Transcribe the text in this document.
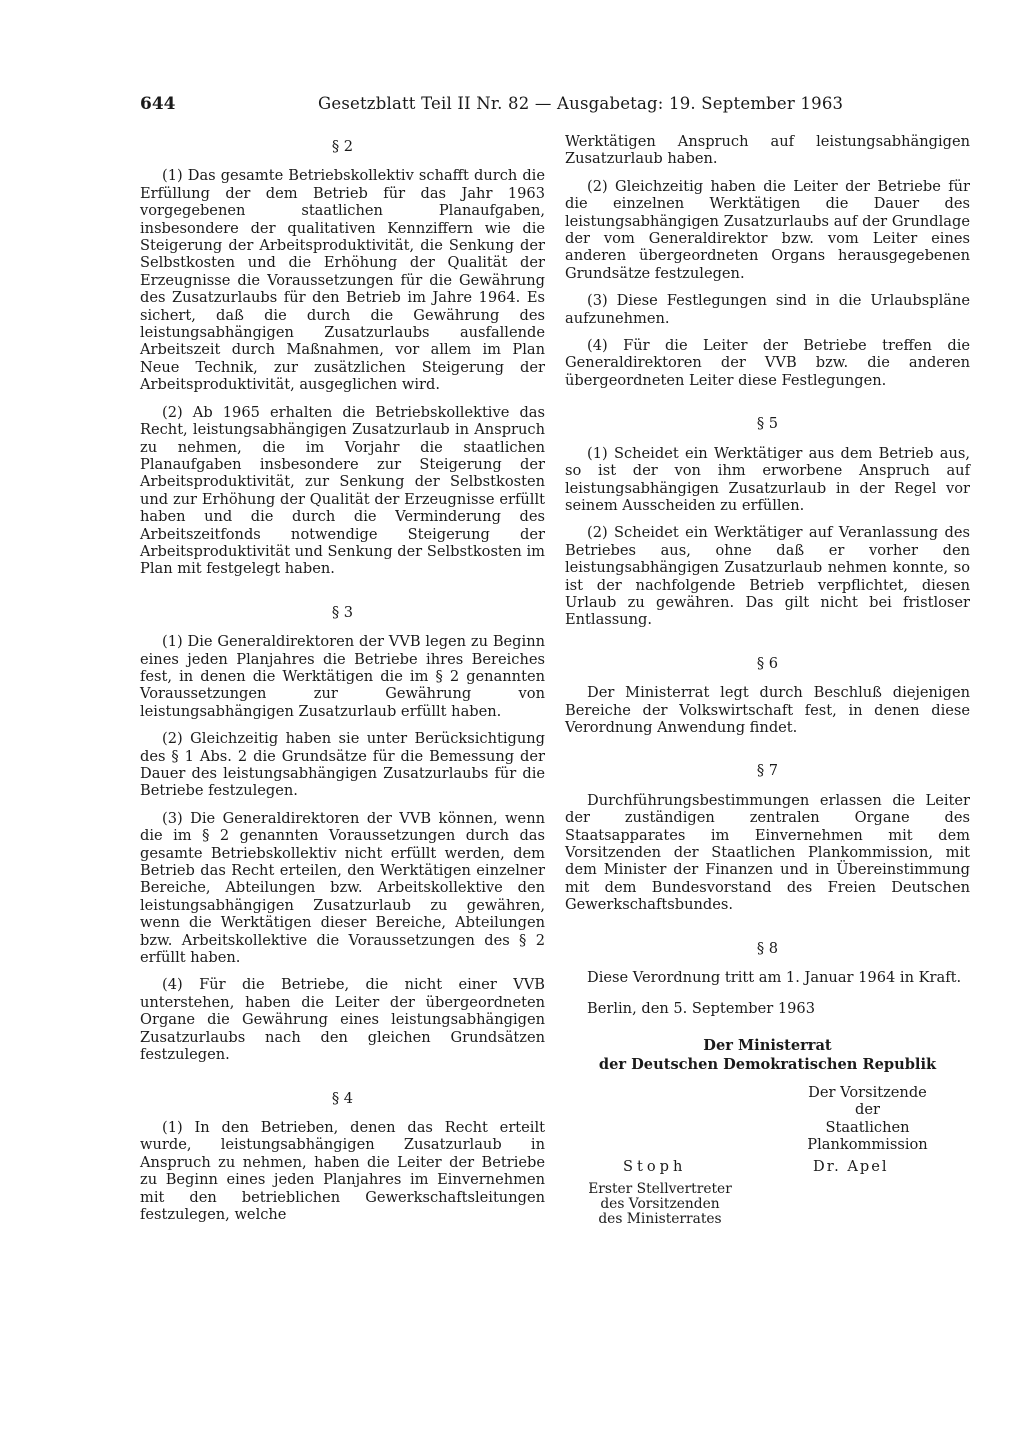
644	Gesetzblatt Teil II Nr. 82 — Ausgabetag: 19. September 1963
§ 2

(1) Das gesamte Betriebskollektiv schafft durch die Erfüllung der dem Betrieb für das Jahr 1963 vorgegebenen staatlichen Planaufgaben, insbesondere der qualitativen Kennziffern wie die Steigerung der Arbeitsproduktivität, die Senkung der Selbstkosten und die Erhöhung der Qualität der Erzeugnisse die Voraussetzungen für die Gewährung des Zusatzurlaubs für den Betrieb im Jahre 1964. Es sichert, daß die durch die Gewährung des leistungsabhängigen Zusatzurlaubs ausfallende Arbeitszeit durch Maßnahmen, vor allem im Plan Neue Technik, zur zusätzlichen Steigerung der Arbeitsproduktivität, ausgeglichen wird.

(2) Ab 1965 erhalten die Betriebskollektive das Recht, leistungsabhängigen Zusatzurlaub in Anspruch zu nehmen, die im Vorjahr die staatlichen Planaufgaben insbesondere zur Steigerung der Arbeitsproduktivität, zur Senkung der Selbstkosten und zur Erhöhung der Qualität der Erzeugnisse erfüllt haben und die durch die Verminderung des Arbeitszeitfonds notwendige Steigerung der Arbeitsproduktivität und Senkung der Selbstkosten im Plan mit festgelegt haben.

§ 3

(1) Die Generaldirektoren der VVB legen zu Beginn eines jeden Planjahres die Betriebe ihres Bereiches fest, in denen die Werktätigen die im § 2 genannten Voraussetzungen zur Gewährung von leistungsabhängigen Zusatzurlaub erfüllt haben.

(2) Gleichzeitig haben sie unter Berücksichtigung des § 1 Abs. 2 die Grundsätze für die Bemessung der Dauer des leistungsabhängigen Zusatzurlaubs für die Betriebe festzulegen.

(3) Die Generaldirektoren der VVB können, wenn die im § 2 genannten Voraussetzungen durch das gesamte Betriebskollektiv nicht erfüllt werden, dem Betrieb das Recht erteilen, den Werktätigen einzelner Bereiche, Abteilungen bzw. Arbeitskollektive den leistungsabhängigen Zusatzurlaub zu gewähren, wenn die Werktätigen dieser Bereiche, Abteilungen bzw. Arbeitskollektive die Voraussetzungen des § 2 erfüllt haben.

(4) Für die Betriebe, die nicht einer VVB unterstehen, haben die Leiter der übergeordneten Organe die Gewährung eines leistungsabhängigen Zusatzurlaubs nach den gleichen Grundsätzen festzulegen.

§ 4

(1) In den Betrieben, denen das Recht erteilt wurde, leistungsabhängigen Zusatzurlaub in Anspruch zu nehmen, haben die Leiter der Betriebe zu Beginn eines jeden Planjahres im Einvernehmen mit den betrieblichen Gewerkschaftsleitungen festzulegen, welche

Werktätigen Anspruch auf leistungsabhängigen Zusatzurlaub haben.

(2) Gleichzeitig haben die Leiter der Betriebe für die einzelnen Werktätigen die Dauer des leistungsabhängigen Zusatzurlaubs auf der Grundlage der vom Generaldirektor bzw. vom Leiter eines anderen übergeordneten Organs herausgegebenen Grundsätze festzulegen.

(3) Diese Festlegungen sind in die Urlaubspläne aufzunehmen.

(4) Für die Leiter der Betriebe treffen die Generaldirektoren der VVB bzw. die anderen übergeordneten Leiter diese Festlegungen.

§ 5

(1) Scheidet ein Werktätiger aus dem Betrieb aus, so ist der von ihm erworbene Anspruch auf leistungsabhängigen Zusatzurlaub in der Regel vor seinem Ausscheiden zu erfüllen.

(2) Scheidet ein Werktätiger auf Veranlassung des Betriebes aus, ohne daß er vorher den leistungsabhängigen Zusatzurlaub nehmen konnte, so ist der nachfolgende Betrieb verpflichtet, diesen Urlaub zu gewähren. Das gilt nicht bei fristloser Entlassung.

§ 6

Der Ministerrat legt durch Beschluß diejenigen Bereiche der Volkswirtschaft fest, in denen diese Verordnung Anwendung findet.

§ 7

Durchführungsbestimmungen erlassen die Leiter der zuständigen zentralen Organe des Staatsapparates im Einvernehmen mit dem Vorsitzenden der Staatlichen Plankommission, mit dem Minister der Finanzen und in Übereinstimmung mit dem Bundesvorstand des Freien Deutschen Gewerkschaftsbundes.

§ 8

Diese Verordnung tritt am 1. Januar 1964 in Kraft.

Berlin, den 5. September 1963

Der Ministerrat
der Deutschen Demokratischen Republik
Der Vorsitzende
der
Staatlichen Plankommission
Stoph	Dr. Apel
Erster Stellvertreter
des Vorsitzenden
des Ministerrates
